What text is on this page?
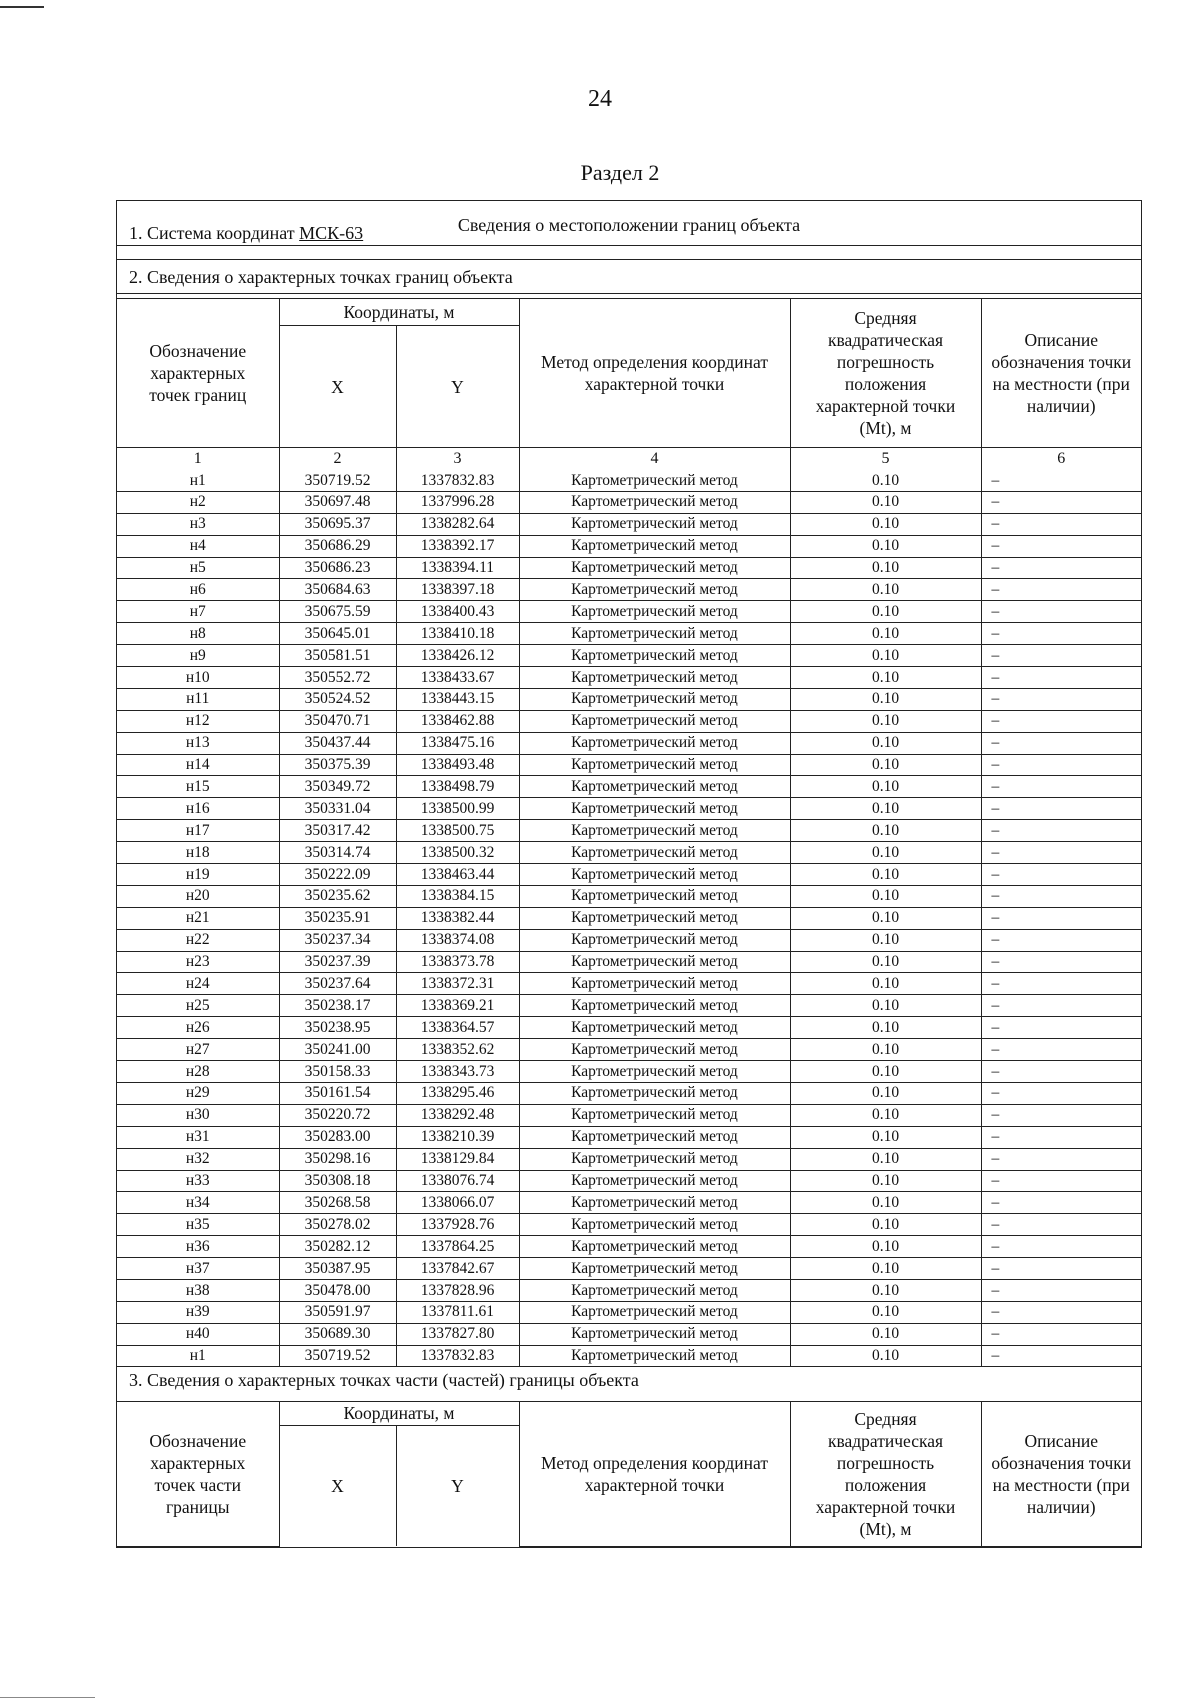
24
Раздел 2
Сведения о местоположении границ объекта
1. Система координат МСК-63
2. Сведения о характерных точках границ объекта
Обозначение характерных точек границ	Координаты, м		Метод определения координат характерной точки	Средняя квадратическая погрешность положения характерной точки (Mt), м	Описание обозначения точки на местности (при наличии)
	X	Y			
1	2	3	4	5	6
н1	350719.52	1337832.83	Картометрический метод	0.10	–
н2	350697.48	1337996.28	Картометрический метод	0.10	–
н3	350695.37	1338282.64	Картометрический метод	0.10	–
н4	350686.29	1338392.17	Картометрический метод	0.10	–
н5	350686.23	1338394.11	Картометрический метод	0.10	–
н6	350684.63	1338397.18	Картометрический метод	0.10	–
н7	350675.59	1338400.43	Картометрический метод	0.10	–
н8	350645.01	1338410.18	Картометрический метод	0.10	–
н9	350581.51	1338426.12	Картометрический метод	0.10	–
н10	350552.72	1338433.67	Картометрический метод	0.10	–
н11	350524.52	1338443.15	Картометрический метод	0.10	–
н12	350470.71	1338462.88	Картометрический метод	0.10	–
н13	350437.44	1338475.16	Картометрический метод	0.10	–
н14	350375.39	1338493.48	Картометрический метод	0.10	–
н15	350349.72	1338498.79	Картометрический метод	0.10	–
н16	350331.04	1338500.99	Картометрический метод	0.10	–
н17	350317.42	1338500.75	Картометрический метод	0.10	–
н18	350314.74	1338500.32	Картометрический метод	0.10	–
н19	350222.09	1338463.44	Картометрический метод	0.10	–
н20	350235.62	1338384.15	Картометрический метод	0.10	–
н21	350235.91	1338382.44	Картометрический метод	0.10	–
н22	350237.34	1338374.08	Картометрический метод	0.10	–
н23	350237.39	1338373.78	Картометрический метод	0.10	–
н24	350237.64	1338372.31	Картометрический метод	0.10	–
н25	350238.17	1338369.21	Картометрический метод	0.10	–
н26	350238.95	1338364.57	Картометрический метод	0.10	–
н27	350241.00	1338352.62	Картометрический метод	0.10	–
н28	350158.33	1338343.73	Картометрический метод	0.10	–
н29	350161.54	1338295.46	Картометрический метод	0.10	–
н30	350220.72	1338292.48	Картометрический метод	0.10	–
н31	350283.00	1338210.39	Картометрический метод	0.10	–
н32	350298.16	1338129.84	Картометрический метод	0.10	–
н33	350308.18	1338076.74	Картометрический метод	0.10	–
н34	350268.58	1338066.07	Картометрический метод	0.10	–
н35	350278.02	1337928.76	Картометрический метод	0.10	–
н36	350282.12	1337864.25	Картометрический метод	0.10	–
н37	350387.95	1337842.67	Картометрический метод	0.10	–
н38	350478.00	1337828.96	Картометрический метод	0.10	–
н39	350591.97	1337811.61	Картометрический метод	0.10	–
н40	350689.30	1337827.80	Картометрический метод	0.10	–
н1	350719.52	1337832.83	Картометрический метод	0.10	–
3. Сведения о характерных точках части (частей) границы объекта
Обозначение характерных точек части границы	Координаты, м		Метод определения координат характерной точки	Средняя квадратическая погрешность положения характерной точки (Mt), м	Описание обозначения точки на местности (при наличии)
	X	Y			
